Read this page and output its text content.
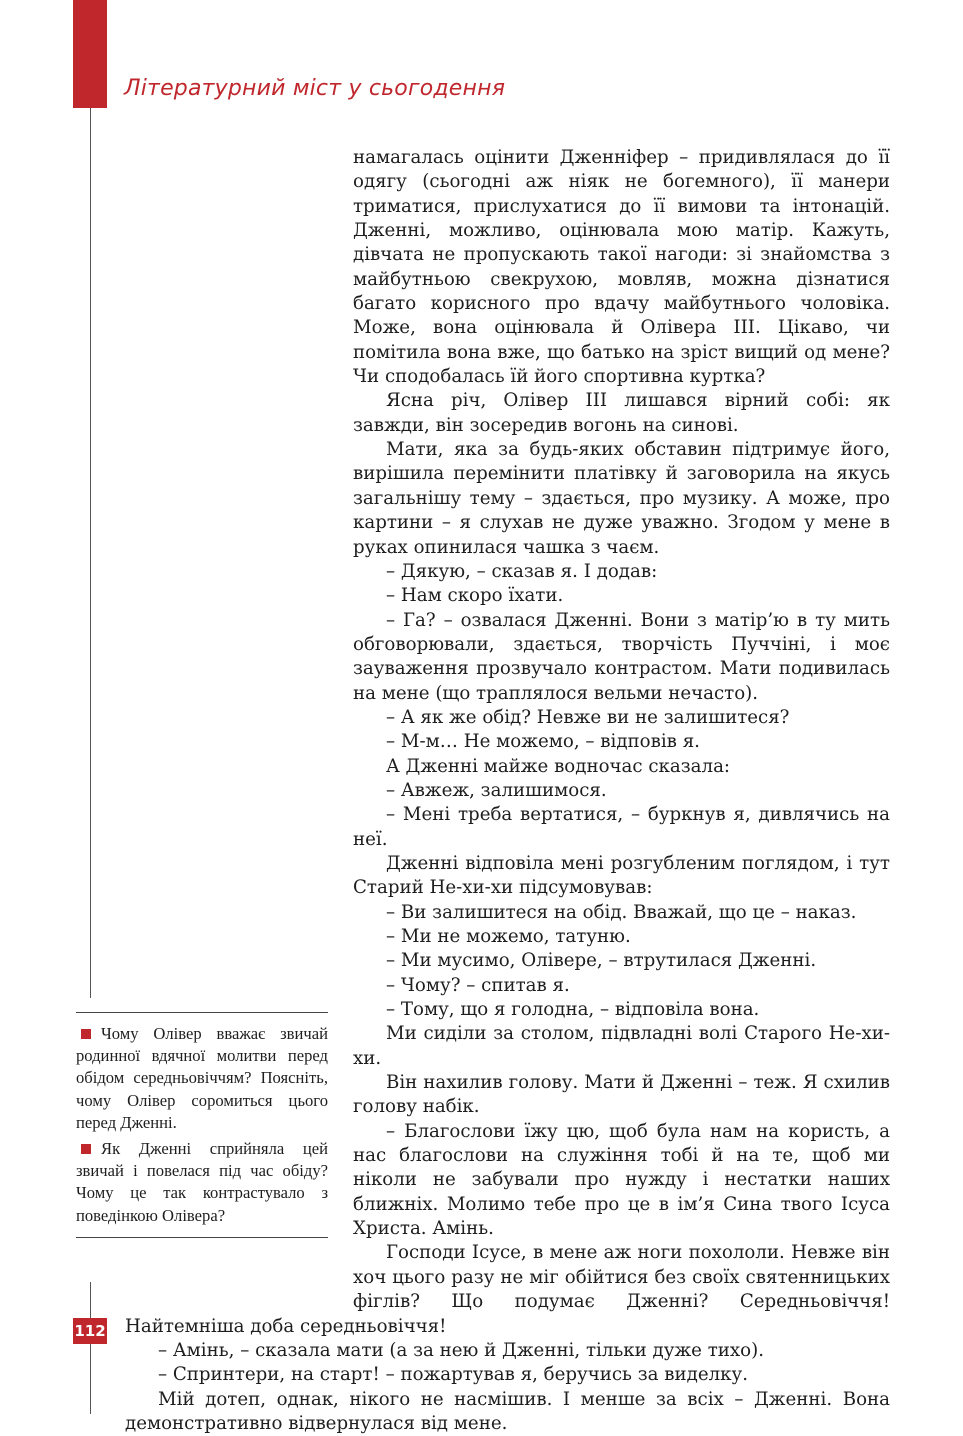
Літературний міст у сьогодення

намагалась оцінити Дженніфер – придивлялася до її одягу (сьогодні аж ніяк не богемного), її манери триматися, прислухатися до її вимови та інтонацій. Дженні, можливо, оцінювала мою матір. Кажуть, дівчата не пропускають такої нагоди: зі знайомства з майбутньою свекрухою, мовляв, можна дізнатися багато корисного про вдачу майбутнього чоловіка. Може, вона оцінювала й Олівера III. Цікаво, чи помітила вона вже, що батько на зріст вищий од мене? Чи сподобалась їй його спортивна куртка?

Ясна річ, Олівер III лишався вірний собі: як завжди, він зосередив вогонь на синові.

Мати, яка за будь-яких обставин підтримує його, вирішила перемінити платівку й заговорила на якусь загальнішу тему – здається, про музику. А може, про картини – я слухав не дуже уважно. Згодом у мене в руках опинилася чашка з чаєм.

– Дякую, – сказав я. І додав:

– Нам скоро їхати.

– Га? – озвалася Дженні. Вони з матір’ю в ту мить обговорювали, здається, творчість Пуччіні, і моє зауваження прозвучало контрастом. Мати подивилась на мене (що траплялося вельми нечасто).

– А як же обід? Невже ви не залишитеся?

– М-м… Не можемо, – відповів я.

А Дженні майже водночас сказала:

– Авжеж, залишимося.

– Мені треба вертатися, – буркнув я, дивлячись на неї.

Дженні відповіла мені розгубленим поглядом, і тут Старий Не-хи-хи підсумовував:

– Ви залишитеся на обід. Вважай, що це – наказ.

– Ми не можемо, татуню.

– Ми мусимо, Олівере, – втрутилася Дженні.

– Чому? – спитав я.

– Тому, що я голодна, – відповіла вона.

Ми сиділи за столом, підвладні волі Старого Не-хи-хи.

Він нахилив голову. Мати й Дженні – теж. Я схилив голову набік.

– Благослови їжу цю, щоб була нам на користь, а нас благослови на служіння тобі й на те, щоб ми ніколи не забували про нужду і нестатки наших ближніх. Молимо тебе про це в ім’я Сина твого Ісуса Христа. Амінь.

Господи Ісусе, в мене аж ноги похололи. Невже він хоч цього разу не міг обійтися без своїх святенницьких фіглів? Що подумає Дженні? Середньовіччя! Найтемніша доба середньовіччя!

– Амінь, – сказала мати (а за нею й Дженні, тільки дуже тихо).

– Спринтери, на старт! – пожартував я, беручись за виделку.

Мій дотеп, однак, нікого не насмішив. І менше за всіх – Дженні. Вона демонстративно відвернулася від мене.

Чому Олівер вважає звичай родинної вдячної молитви перед обідом середньовіччям? Поясніть, чому Олівер соромиться цього перед Дженні.

Як Дженні сприйняла цей звичай і повелася під час обіду? Чому це так контрастувало з поведінкою Олівера?

112
